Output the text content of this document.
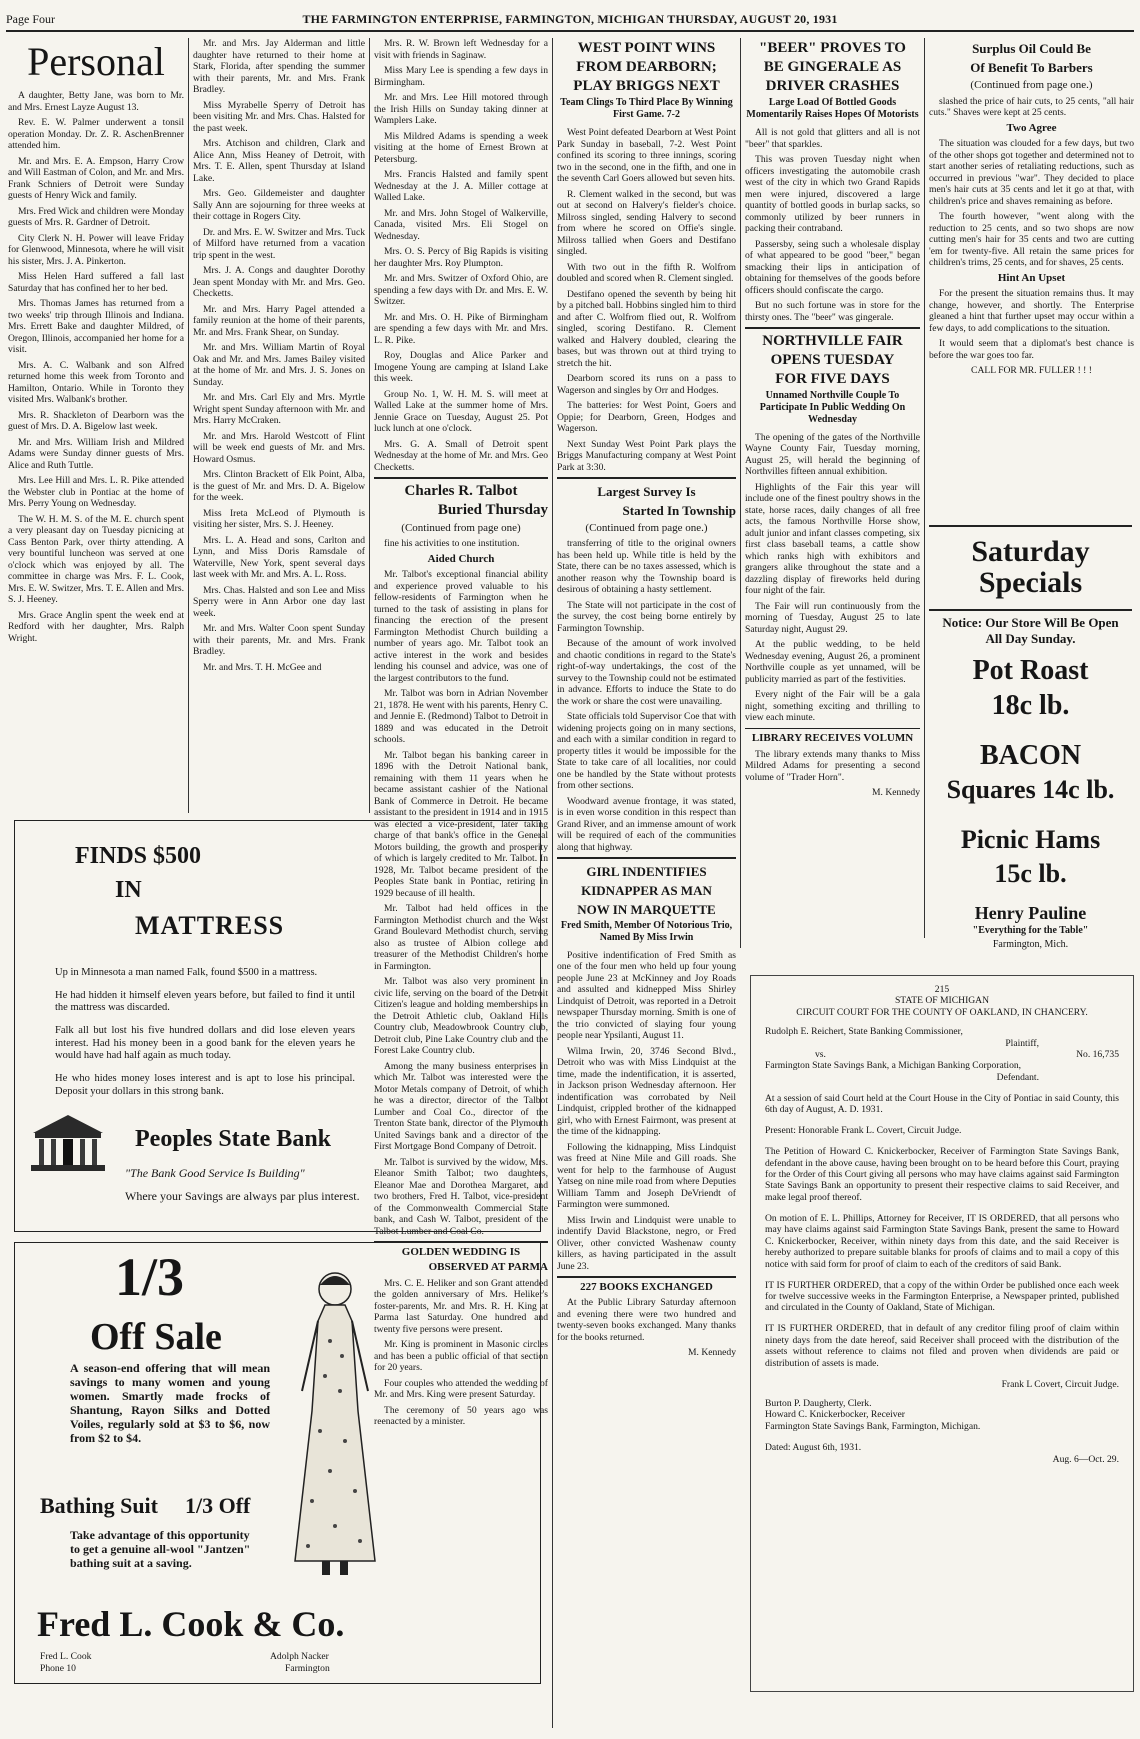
Page Four	THE FARMINGTON ENTERPRISE, FARMINGTON, MICHIGAN THURSDAY, AUGUST 20, 1931
Personal

A daughter, Betty Jane, was born to Mr. and Mrs. Ernest Layze August 13.

Rev. E. W. Palmer underwent a tonsil operation Monday. Dr. Z. R. AschenBrenner attended him.

Mr. and Mrs. E. A. Empson, Harry Crow and Will Eastman of Colon, and Mr. and Mrs. Frank Schniers of Detroit were Sunday guests of Henry Wick and family.

Mrs. Fred Wick and children were Monday guests of Mrs. R. Gardner of Detroit.

City Clerk N. H. Power will leave Friday for Glenwood, Minnesota, where he will visit his sister, Mrs. J. A. Pinkerton.

Miss Helen Hard suffered a fall last Saturday that has confined her to her bed.

Mrs. Thomas James has returned from a two weeks' trip through Illinois and Indiana. Mrs. Errett Bake and daughter Mildred, of Oregon, Illinois, accompanied her home for a visit.

Mrs. A. C. Walbank and son Alfred returned home this week from Toronto and Hamilton, Ontario. While in Toronto they visited Mrs. Walbank's brother.

Mrs. R. Shackleton of Dearborn was the guest of Mrs. D. A. Bigelow last week.

Mr. and Mrs. William Irish and Mildred Adams were Sunday dinner guests of Mrs. Alice and Ruth Tuttle.

Mrs. Lee Hill and Mrs. L. R. Pike attended the Webster club in Pontiac at the home of Mrs. Perry Young on Wednesday.

The W. H. M. S. of the M. E. church spent a very pleasant day on Tuesday picnicing at Cass Benton Park, over thirty attending. A very bountiful luncheon was served at one o'clock which was enjoyed by all. The committee in charge was Mrs. F. L. Cook, Mrs. E. W. Switzer, Mrs. T. E. Allen and Mrs. S. J. Heeney.

Mrs. Grace Anglin spent the week end at Redford with her daughter, Mrs. Ralph Wright.

Mr. and Mrs. Jay Alderman and little daughter have returned to their home at Stark, Florida, after spending the summer with their parents, Mr. and Mrs. Frank Bradley.

Miss Myrabelle Sperry of Detroit has been visiting Mr. and Mrs. Chas. Halsted for the past week.

Mrs. Atchison and children, Clark and Alice Ann, Miss Heaney of Detroit, with Mrs. T. E. Allen, spent Thursday at Island Lake.

Mrs. Geo. Gildemeister and daughter Sally Ann are sojourning for three weeks at their cottage in Rogers City.

Dr. and Mrs. E. W. Switzer and Mrs. Tuck of Milford have returned from a vacation trip spent in the west.

Mrs. J. A. Congs and daughter Dorothy Jean spent Monday with Mr. and Mrs. Geo. Checketts.

Mr. and Mrs. Harry Pagel attended a family reunion at the home of their parents, Mr. and Mrs. Frank Shear, on Sunday.

Mr. and Mrs. William Martin of Royal Oak and Mr. and Mrs. James Bailey visited at the home of Mr. and Mrs. J. S. Jones on Sunday.

Mr. and Mrs. Carl Ely and Mrs. Myrtle Wright spent Sunday afternoon with Mr. and Mrs. Harry McCraken.

Mr. and Mrs. Harold Westcott of Flint will be week end guests of Mr. and Mrs. Howard Osmus.

Mrs. Clinton Brackett of Elk Point, Alba, is the guest of Mr. and Mrs. D. A. Bigelow for the week.

Miss Ireta McLeod of Plymouth is visiting her sister, Mrs. S. J. Heeney.

Mrs. L. A. Head and sons, Carlton and Lynn, and Miss Doris Ramsdale of Waterville, New York, spent several days last week with Mr. and Mrs. A. L. Ross.

Mrs. Chas. Halsted and son Lee and Miss Sperry were in Ann Arbor one day last week.

Mr. and Mrs. Walter Coon spent Sunday with their parents, Mr. and Mrs. Frank Bradley.

Mr. and Mrs. T. H. McGee and

Mrs. R. W. Brown left Wednesday for a visit with friends in Saginaw.

Miss Mary Lee is spending a few days in Birmingham.

Mr. and Mrs. Lee Hill motored through the Irish Hills on Sunday taking dinner at Wamplers Lake.

Mis Mildred Adams is spending a week visiting at the home of Ernest Brown at Petersburg.

Mrs. Francis Halsted and family spent Wednesday at the J. A. Miller cottage at Walled Lake.

Mr. and Mrs. John Stogel of Walkerville, Canada, visited Mrs. Eli Stogel on Wednesday.

Mrs. O. S. Percy of Big Rapids is visiting her daughter Mrs. Roy Plumpton.

Mr. and Mrs. Switzer of Oxford Ohio, are spending a few days with Dr. and Mrs. E. W. Switzer.

Mr. and Mrs. O. H. Pike of Birmingham are spending a few days with Mr. and Mrs. L. R. Pike.

Roy, Douglas and Alice Parker and Imogene Young are camping at Island Lake this week.

Group No. 1, W. H. M. S. will meet at Walled Lake at the summer home of Mrs. Jennie Grace on Tuesday, August 25. Pot luck lunch at one o'clock.

Mrs. G. A. Small of Detroit spent Wednesday at the home of Mr. and Mrs. Geo Checketts.

Charles R. Talbot
Buried Thursday
(Continued from page one)

fine his activities to one institution.

Aided Church

Mr. Talbot's exceptional financial ability and experience proved valuable to his fellow-residents of Farmington when he turned to the task of assisting in plans for financing the erection of the present Farmington Methodist Church building a number of years ago. Mr. Talbot took an active interest in the work and besides lending his counsel and advice, was one of the largest contributors to the fund.

Mr. Talbot was born in Adrian November 21, 1878. He went with his parents, Henry C. and Jennie E. (Redmond) Talbot to Detroit in 1889 and was educated in the Detroit schools.

Mr. Talbot began his banking career in 1896 with the Detroit National bank, remaining with them 11 years when he became assistant cashier of the National Bank of Commerce in Detroit. He became assistant to the president in 1914 and in 1915 was elected a vice-president, later taking charge of that bank's office in the General Motors building, the growth and prosperity of which is largely credited to Mr. Talbot. In 1928, Mr. Talbot became president of the Peoples State bank in Pontiac, retiring in 1929 because of ill health.

Mr. Talbot had held offices in the Farmington Methodist church and the West Grand Boulevard Methodist church, serving also as trustee of Albion college and treasurer of the Methodist Children's home in Farmington.

Mr. Talbot was also very prominent in civic life, serving on the board of the Detroit Citizen's league and holding memberships in the Detroit Athletic club, Oakland Hills Country club, Meadowbrook Country club, Detroit club, Pine Lake Country club and the Forest Lake Country club.

Among the many business enterprises in which Mr. Talbot was interested were the Motor Metals company of Detroit, of which he was a director, director of the Talbot Lumber and Coal Co., director of the Trenton State bank, director of the Plymouth United Savings bank and a director of the First Mortgage Bond Company of Detroit.

Mr. Talbot is survived by the widow, Mrs. Eleanor Smith Talbot; two daughters, Eleanor Mae and Dorothea Margaret, and two brothers, Fred H. Talbot, vice-president of the Commonwealth Commercial State bank, and Cash W. Talbot, president of the Talbot Lumber and Coal Co.

GOLDEN WEDDING IS
OBSERVED AT PARMA

Mrs. C. E. Heliker and son Grant attended the golden anniversary of Mrs. Heliker's foster-parents, Mr. and Mrs. R. H. King at Parma last Saturday. One hundred and twenty five persons were present.

Mr. King is prominent in Masonic circles and has been a public official of that section for 20 years.

Four couples who attended the wedding of Mr. and Mrs. King were present Saturday.

The ceremony of 50 years ago was reenacted by a minister.

WEST POINT WINS
FROM DEARBORN;
PLAY BRIGGS NEXT
Team Clings To Third Place By Winning First Game. 7-2

West Point defeated Dearborn at West Point Park Sunday in baseball, 7-2. West Point confined its scoring to three innings, scoring two in the second, one in the fifth, and one in the seventh Carl Goers allowed but seven hits.

R. Clement walked in the second, but was out at second on Halvery's fielder's choice. Milross singled, sending Halvery to second from where he scored on Offie's single. Milross tallied when Goers and Destifano singled.

With two out in the fifth R. Wolfrom doubled and scored when R. Clement singled.

Destifano opened the seventh by being hit by a pitched ball. Hobbins singled him to third and after C. Wolfrom flied out, R. Wolfrom singled, scoring Destifano. R. Clement walked and Halvery doubled, clearing the bases, but was thrown out at third trying to stretch the hit.

Dearborn scored its runs on a pass to Wagerson and singles by Orr and Hodges.

The batteries: for West Point, Goers and Oppie; for Dearborn, Green, Hodges and Wagerson.

Next Sunday West Point Park plays the Briggs Manufacturing company at West Point Park at 3:30.

Largest Survey Is
Started In Township
(Continued from page one.)

transferring of title to the original owners has been held up. While title is held by the State, there can be no taxes assessed, which is another reason why the Township board is desirous of obtaining a hasty settlement.

The State will not participate in the cost of the survey, the cost being borne entirely by Farmington Township.

Because of the amount of work involved and chaotic conditions in regard to the State's right-of-way undertakings, the cost of the survey to the Township could not be estimated in advance. Efforts to induce the State to do the work or share the cost were unavailing.

State officials told Supervisor Coe that with widening projects going on in many sections, and each with a similar condition in regard to property titles it would be impossible for the State to take care of all localities, nor could one be handled by the State without protests from other sections.

Woodward avenue frontage, it was stated, is in even worse condition in this respect than Grand River, and an immense amount of work will be required of each of the communities along that highway.

GIRL INDENTIFIES
KIDNAPPER AS MAN
NOW IN MARQUETTE
Fred Smith, Member Of Notorious Trio, Named By Miss Irwin

Positive indentification of Fred Smith as one of the four men who held up four young people June 23 at McKinney and Joy Roads and assulted and kidnepped Miss Shirley Lindquist of Detroit, was reported in a Detroit newspaper Thursday morning. Smith is one of the trio convicted of slaying four young people near Ypsilanti, August 11.

Wilma Irwin, 20, 3746 Second Blvd., Detroit who was with Miss Lindquist at the time, made the indentification, it is asserted, in Jackson prison Wednesday afternoon. Her indentification was corrobated by Neil Lindquist, crippled brother of the kidnapped girl, who with Ernest Fairmont, was present at the time of the kidnapping.

Following the kidnapping, Miss Lindquist was freed at Nine Mile and Gill roads. She went for help to the farmhouse of August Yatseg on nine mile road from where Deputies William Tamm and Joseph DeVriendt of Farmington were summoned.

Miss Irwin and Lindquist were unable to indentify David Blackstone, negro, or Fred Oliver, other convicted Washenaw county killers, as having participated in the assult June 23.

227 BOOKS EXCHANGED

At the Public Library Saturday afternoon and evening there were two hundred and twenty-seven books exchanged. Many thanks for the books returned.

M. Kennedy
"BEER" PROVES TO
BE GINGERALE AS
DRIVER CRASHES
Large Load Of Bottled Goods Momentarily Raises Hopes Of Motorists

All is not gold that glitters and all is not "beer" that sparkles.

This was proven Tuesday night when officers investigating the automobile crash west of the city in which two Grand Rapids men were injured, discovered a large quantity of bottled goods in burlap sacks, so commonly utilized by beer runners in packing their contraband.

Passersby, seing such a wholesale display of what appeared to be good "beer," began smacking their lips in anticipation of obtaining for themselves of the goods before officers should confiscate the cargo.

But no such fortune was in store for the thirsty ones. The "beer" was gingerale.

NORTHVILLE FAIR
OPENS TUESDAY
FOR FIVE DAYS
Unnamed Northville Couple To Participate In Public Wedding On Wednesday

The opening of the gates of the Northville Wayne County Fair, Tuesday morning, August 25, will herald the beginning of Northvilles fifteen annual exhibition.

Highlights of the Fair this year will include one of the finest poultry shows in the state, horse races, daily changes of all free acts, the famous Northville Horse show, adult junior and infant classes competing, six first class baseball teams, a cattle show which ranks high with exhibitors and grangers alike throughout the state and a dazzling display of fireworks held during four night of the fair.

The Fair will run continuously from the morning of Tuesday, August 25 to late Saturday night, August 29.

At the public wedding, to be held Wednesday evening, August 26, a prominent Northville couple as yet unnamed, will be publicity married as part of the festivities.

Every night of the Fair will be a gala night, something exciting and thrilling to view each minute.

LIBRARY RECEIVES VOLUMN

The library extends many thanks to Miss Mildred Adams for presenting a second volume of "Trader Horn".

M. Kennedy
Surplus Oil Could Be
Of Benefit To Barbers
(Continued from page one.)

slashed the price of hair cuts, to 25 cents, "all hair cuts." Shaves were kept at 25 cents.

Two Agree

The situation was clouded for a few days, but two of the other shops got together and determined not to start another series of retaliating reductions, such as occurred in previous "war". They decided to place men's hair cuts at 35 cents and let it go at that, with children's price and shaves remaining as before.

The fourth however, "went along with the reduction to 25 cents, and so two shops are now cutting men's hair for 35 cents and two are cutting 'em for twenty-five. All retain the same prices for children's trims, 25 cents, and for shaves, 25 cents.

Hint An Upset

For the present the situation remains thus. It may change, however, and shortly. The Enterprise gleaned a hint that further upset may occur within a few days, to add complications to the situation.

It would seem that a diplomat's best chance is before the war goes too far.

CALL FOR MR. FULLER ! ! !
Saturday
Specials
Notice: Our Store Will Be Open All Day Sunday.
Pot Roast
18c lb.
BACON
Squares 14c lb.
Picnic Hams
15c lb.
Henry Pauline
"Everything for the Table"
Farmington, Mich.
215
STATE OF MICHIGAN
CIRCUIT COURT FOR THE COUNTY OF OAKLAND, IN CHANCERY.
Rudolph E. Reichert, State Banking Commissioner,
Plaintiff,
vs.	No. 16,735
Farmington State Savings Bank, a Michigan Banking Corporation,
Defendant.

At a session of said Court held at the Court House in the City of Pontiac in said County, this 6th day of August, A. D. 1931.

Present: Honorable Frank L. Covert, Circuit Judge.

The Petition of Howard C. Knickerbocker, Receiver of Farmington State Savings Bank, defendant in the above cause, having been brought on to be heard before this Court, praying for the Order of this Court giving all persons who may have claims against said Farmington State Savings Bank an opportunity to present their respective claims to said Receiver, and make legal proof thereof.

On motion of E. L. Phillips, Attorney for Receiver, IT IS ORDERED, that all persons who may have claims against said Farmington State Savings Bank, present the same to Howard C. Knickerbocker, Receiver, within ninety days from this date, and the said Receiver is hereby authorized to prepare suitable blanks for proofs of claims and to mail a copy of this notice with said form for proof of claim to each of the creditors of said Bank.

IT IS FURTHER ORDERED, that a copy of the within Order be published once each week for twelve successive weeks in the Farmington Enterprise, a Newspaper printed, published and circulated in the County of Oakland, State of Michigan.

IT IS FURTHER ORDERED, that in default of any creditor filing proof of claim within ninety days from the date hereof, said Receiver shall proceed with the distribution of the assets without reference to claims not filed and proven when dividends are paid or distribution of assets is made.

Frank L Covert, Circuit Judge.
Burton P. Daugherty, Clerk.
Howard C. Knickerbocker, Receiver
Farmington State Savings Bank, Farmington, Michigan.
Dated: August 6th, 1931.
Aug. 6—Oct. 29.
FINDS $500
IN
MATTRESS

Up in Minnesota a man named Falk, found $500 in a mattress.

He had hidden it himself eleven years before, but failed to find it until the mattress was discarded.

Falk all but lost his five hundred dollars and did lose eleven years interest. Had his money been in a good bank for the eleven years he would have had half again as much today.

He who hides money loses interest and is apt to lose his principal. Deposit your dollars in this strong bank.

Peoples State Bank
"The Bank Good Service Is Building"
Where your Savings are always par plus interest.
1/3
Off Sale
A season-end offering that will mean savings to many women and young women. Smartly made frocks of Shantung, Rayon Silks and Dotted Voiles, regularly sold at $3 to $6, now from $2 to $4.
Bathing Suit 1/3 Off
Take advantage of this opportunity to get a genuine all-wool "Jantzen" bathing suit at a saving.
Fred L. Cook & Co.
Fred L. Cook
Phone 10
Adolph Nacker
Farmington
